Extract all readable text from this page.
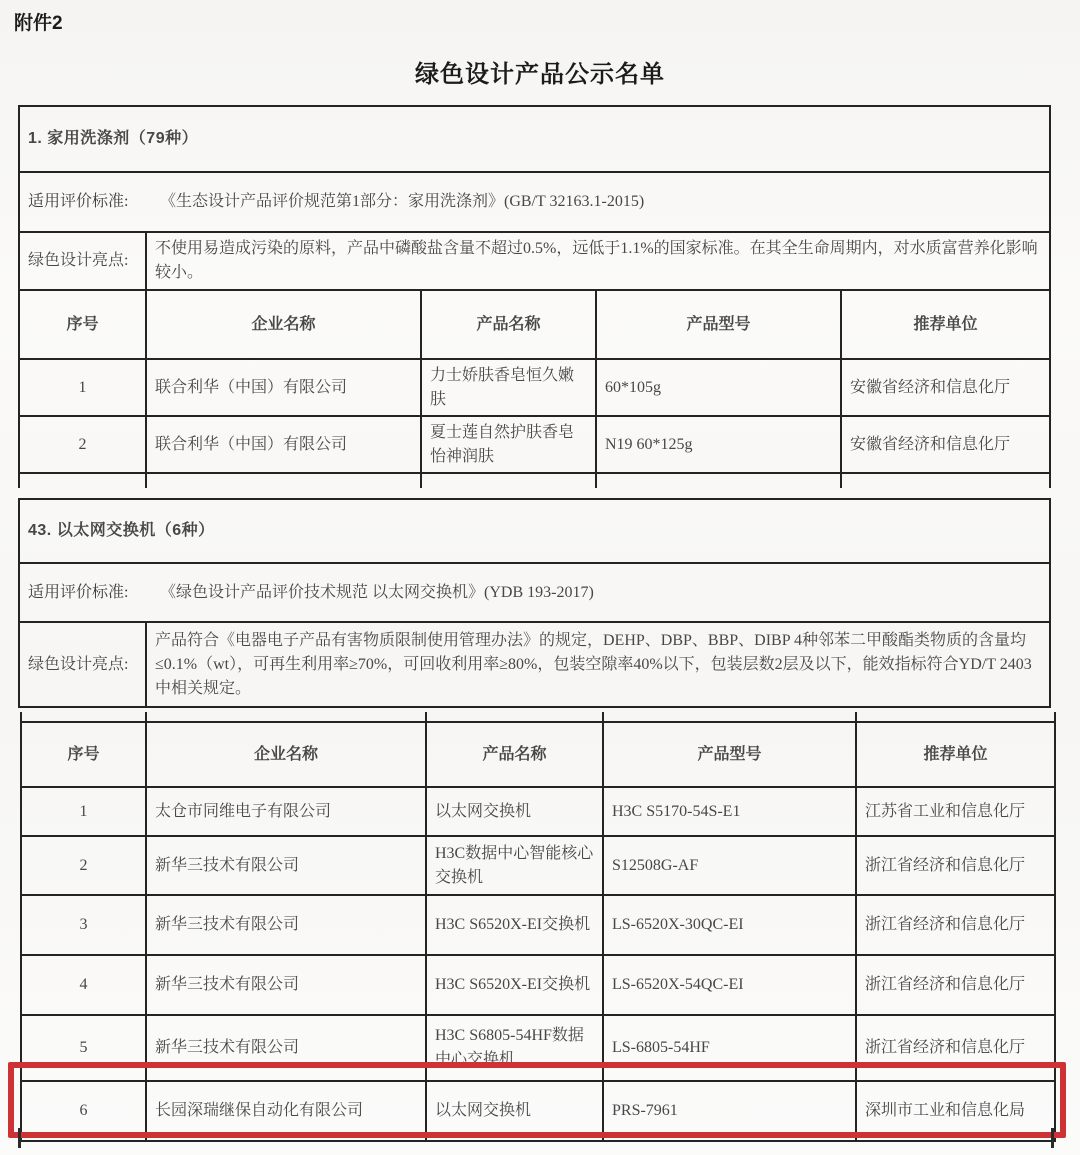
附件2
绿色设计产品公示名单
1. 家用洗涤剂（79种）				
适用评价标准: 《生态设计产品评价规范第1部分：家用洗涤剂》(GB/T 32163.1-2015)				
绿色设计亮点:	不使用易造成污染的原料，产品中磷酸盐含量不超过0.5%，远低于1.1%的国家标准。在其全生命周期内，对水质富营养化影响较小。			
序号	企业名称	产品名称	产品型号	推荐单位
1	联合利华（中国）有限公司	力士娇肤香皂恒久嫩肤	60*105g	安徽省经济和信息化厅
2	联合利华（中国）有限公司	夏士莲自然护肤香皂怡神润肤	N19 60*125g	安徽省经济和信息化厅

43. 以太网交换机（6种）
适用评价标准: 《绿色设计产品评价技术规范 以太网交换机》(YDB 193-2017)
绿色设计亮点:	产品符合《电器电子产品有害物质限制使用管理办法》的规定，DEHP、DBP、BBP、DIBP 4种邻苯二甲酸酯类物质的含量均≤0.1%（wt），可再生利用率≥70%，可回收利用率≥80%，包装空隙率40%以下，包装层数2层及以下，能效指标符合YD/T 2403 中相关规定。

序号	企业名称	产品名称	产品型号	推荐单位
1	太仓市同维电子有限公司	以太网交换机	H3C S5170-54S-E1	江苏省工业和信息化厅
2	新华三技术有限公司	H3C数据中心智能核心交换机	S12508G-AF	浙江省经济和信息化厅
3	新华三技术有限公司	H3C S6520X-EI交换机	LS-6520X-30QC-EI	浙江省经济和信息化厅
4	新华三技术有限公司	H3C S6520X-EI交换机	LS-6520X-54QC-EI	浙江省经济和信息化厅
5	新华三技术有限公司	H3C S6805-54HF数据中心交换机	LS-6805-54HF	浙江省经济和信息化厅
6	长园深瑞继保自动化有限公司	以太网交换机	PRS-7961	深圳市工业和信息化局
